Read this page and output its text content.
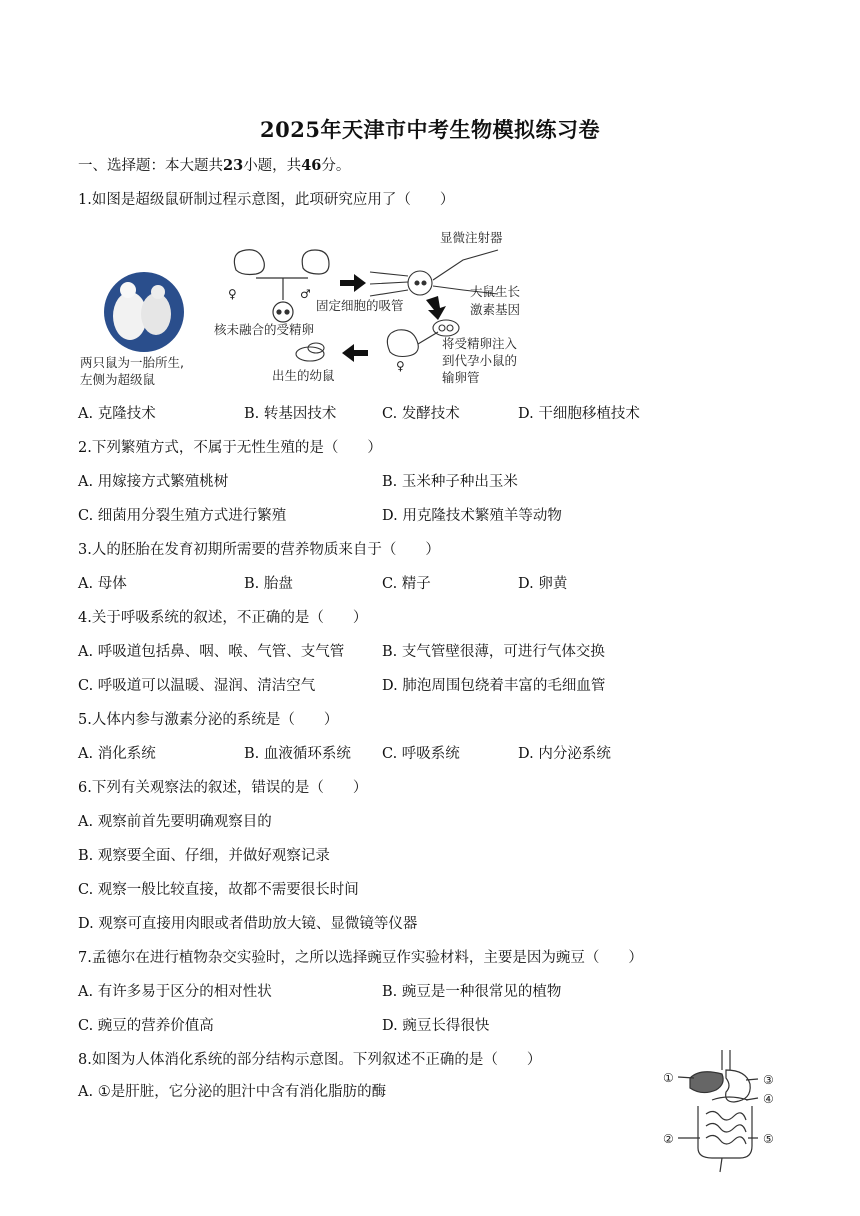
2025年天津市中考生物模拟练习卷
一、选择题：本大题共23小题，共46分。
1.如图是超级鼠研制过程示意图，此项研究应用了（　　）
两只鼠为一胎所生,
左侧为超级鼠
♀	♂
核未融合的受精卵
显微注射器
固定细胞的吸管
大鼠生长
激素基因
♀
将受精卵注入
到代孕小鼠的
输卵管
出生的幼鼠
A. 克隆技术	B. 转基因技术	C. 发酵技术	D. 干细胞移植技术
2.下列繁殖方式，不属于无性生殖的是（　　）
A. 用嫁接方式繁殖桃树	B. 玉米种子种出玉米
C. 细菌用分裂生殖方式进行繁殖	D. 用克隆技术繁殖羊等动物
3.人的胚胎在发育初期所需要的营养物质来自于（　　）
A. 母体	B. 胎盘	C. 精子	D. 卵黄
4.关于呼吸系统的叙述，不正确的是（　　）
A. 呼吸道包括鼻、咽、喉、气管、支气管	B. 支气管壁很薄，可进行气体交换
C. 呼吸道可以温暖、湿润、清洁空气	D. 肺泡周围包绕着丰富的毛细血管
5.人体内参与激素分泌的系统是（　　）
A. 消化系统	B. 血液循环系统 C. 呼吸系统	D. 内分泌系统
6.下列有关观察法的叙述，错误的是（　　）
A. 观察前首先要明确观察目的
B. 观察要全面、仔细，并做好观察记录
C. 观察一般比较直接，故都不需要很长时间
D. 观察可直接用肉眼或者借助放大镜、显微镜等仪器
7.孟德尔在进行植物杂交实验时，之所以选择豌豆作实验材料，主要是因为豌豆（　　）
A. 有许多易于区分的相对性状	B. 豌豆是一种很常见的植物
C. 豌豆的营养价值高	D. 豌豆长得很快
8.如图为人体消化系统的部分结构示意图。下列叙述不正确的是（　　）
A. ①是肝脏，它分泌的胆汁中含有消化脂肪的酶
①
②
③
④
⑤
